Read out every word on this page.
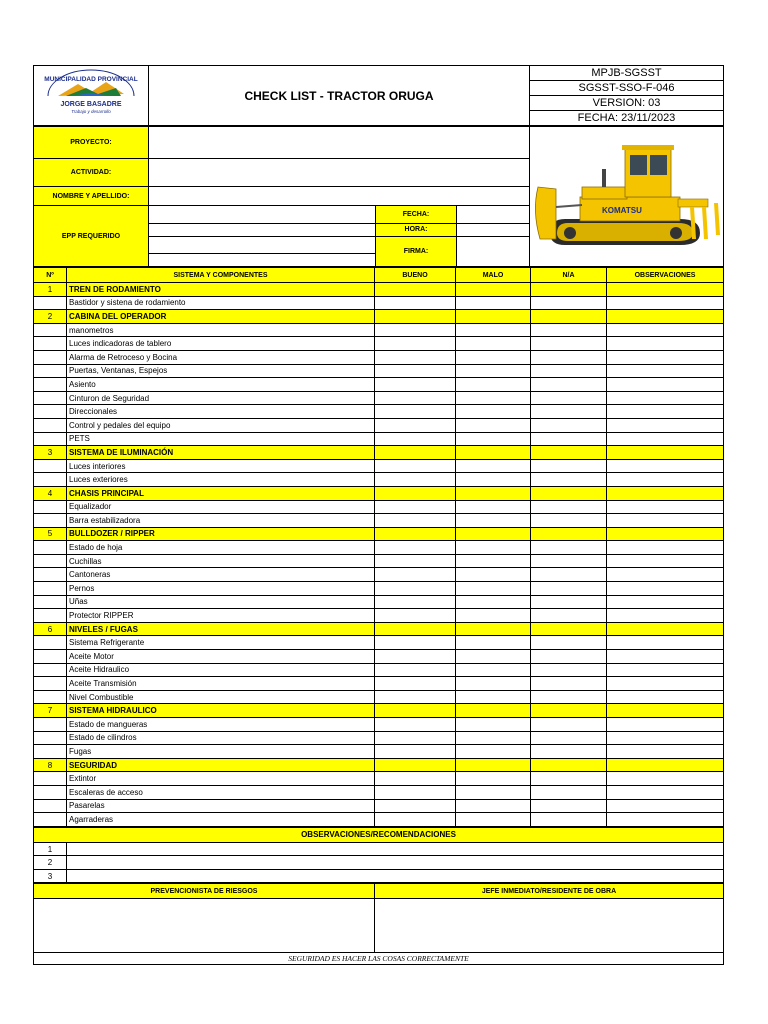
MUNICIPALIDAD PROVINCIAL
JORGE BASADRE
Trabajo y desarrollo
	CHECK LIST - TRACTOR ORUGA	MPJB-SGSST
SGSST-SSO-F-046
VERSION: 03
FECHA: 23/11/2023
PROYECTO:				KOMATSU

ACTIVIDAD:				
NOMBRE Y APELLIDO:				
EPP REQUERIDO		FECHA:		
		HORA:		
		FIRMA:		

Nº	SISTEMA Y COMPONENTES	BUENO	MALO	N/A	OBSERVACIONES
1	TREN DE RODAMIENTO				
	Bastidor y sistena de rodamiento				
2	CABINA DEL OPERADOR				
	manometros				
	Luces indicadoras de tablero				
	Alarma de Retroceso y Bocina				
	Puertas, Ventanas, Espejos				
	Asiento				
	Cinturon de Seguridad				
	Direccionales				
	Control y pedales del equipo				
	PETS				
3	SISTEMA DE ILUMINACIÓN				
	Luces interiores				
	Luces exteriores				
4	CHASIS PRINCIPAL				
	Equalizador				
	Barra estabilizadora				
5	BULLDOZER / RIPPER				
	Estado de hoja				
	Cuchillas				
	Cantoneras				
	Pernos				
	Uñas				
	Protector RIPPER				
6	NIVELES / FUGAS				
	Sistema Refrigerante				
	Aceite Motor				
	Aceite Hidraulico				
	Aceite Transmisión				
	Nivel Combustible				
7	SISTEMA HIDRAULICO				
	Estado de mangueras				
	Estado de cilindros				
	Fugas				
8	SEGURIDAD				
	Extintor				
	Escaleras de acceso				
	Pasarelas				
	Agarraderas				
OBSERVACIONES/RECOMENDACIONES	
1	
2	
3	
PREVENCIONISTA DE RIESGOS	JEFE INMEDIATO/RESIDENTE DE OBRA

SEGURIDAD ES HACER LAS COSAS CORRECTAMENTE	
